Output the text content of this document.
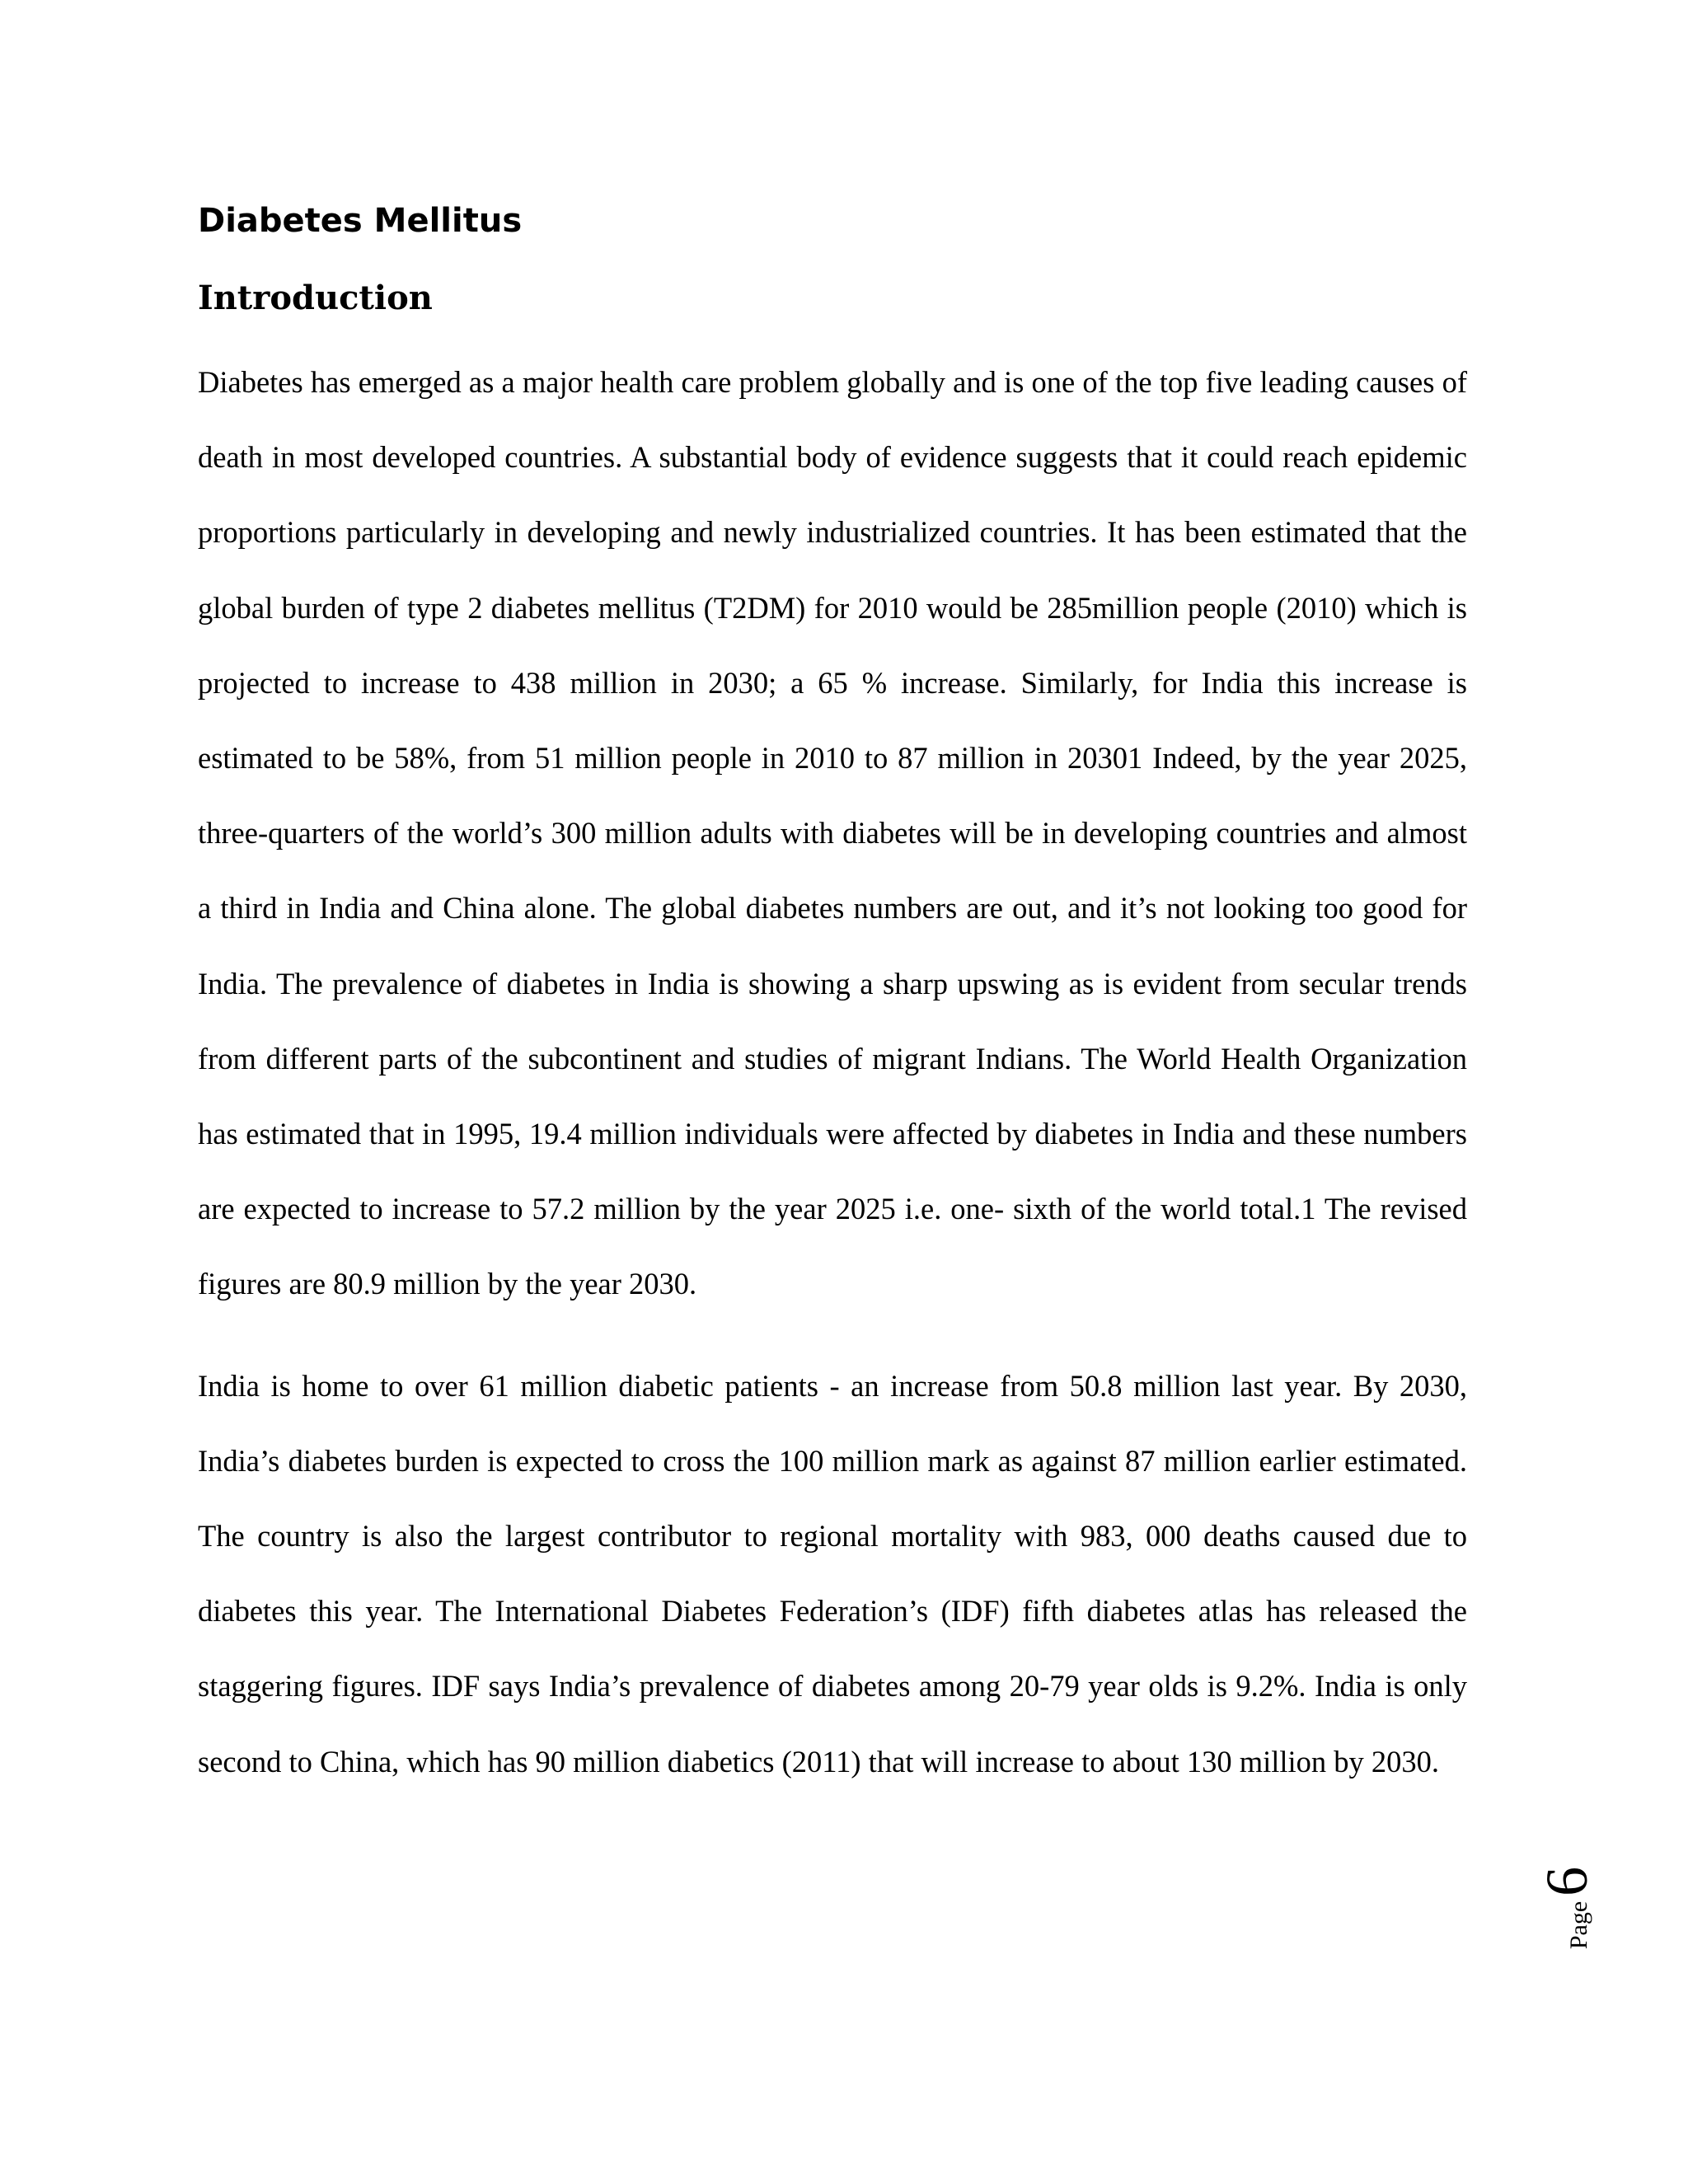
Diabetes Mellitus
Introduction

Diabetes has emerged as a major health care problem globally and is one of the top five leading causes of death in most developed countries. A substantial body of evidence suggests that it could reach epidemic proportions particularly in developing and newly industrialized countries. It has been estimated that the global burden of type 2 diabetes mellitus (T2DM) for 2010 would be 285million people (2010) which is projected to increase to 438 million in 2030; a 65 % increase. Similarly, for India this increase is estimated to be 58%, from 51 million people in 2010 to 87 million in 20301 Indeed, by the year 2025, three-quarters of the world’s 300 million adults with diabetes will be in developing countries and almost a third in India and China alone. The global diabetes numbers are out, and it’s not looking too good for India. The prevalence of diabetes in India is showing a sharp upswing as is evident from secular trends from different parts of the subcontinent and studies of migrant Indians. The World Health Organization has estimated that in 1995, 19.4 million individuals were affected by diabetes in India and these numbers are expected to increase to 57.2 million by the year 2025 i.e. one- sixth of the world total.1 The revised figures are 80.9 million by the year 2030.

India is home to over 61 million diabetic patients - an increase from 50.8 million last year. By 2030, India’s diabetes burden is expected to cross the 100 million mark as against 87 million earlier estimated. The country is also the largest contributor to regional mortality with 983, 000 deaths caused due to diabetes this year. The International Diabetes Federation’s (IDF) fifth diabetes atlas has released the staggering figures. IDF says India’s prevalence of diabetes among 20-79 year olds is 9.2%. India is only second to China, which has 90 million diabetics (2011) that will increase to about 130 million by 2030.

Page
6
